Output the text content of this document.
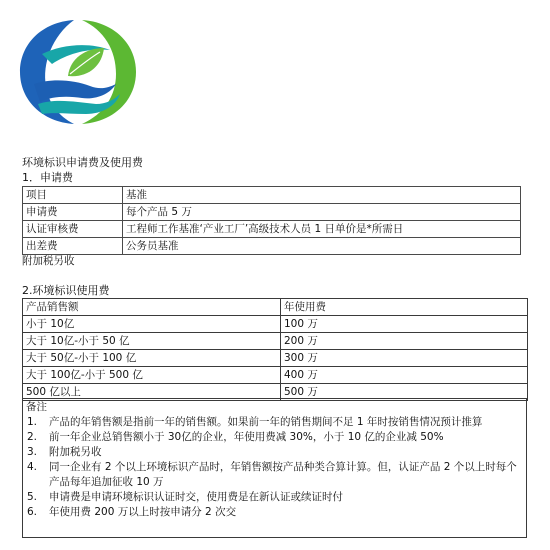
环境标识申请费及使用费
1．申请费
项目	基准
申请费	每个产品 5 万
认证审核费	工程师工作基准‘产业工厂’高级技术人员 1 日单价是*所需日
出差费	公务员基准
附加税另收
2.环境标识使用费
产品销售额	年使用费
小于 10亿	100 万
大于 10亿-小于 50 亿	200 万
大于 50亿-小于 100 亿	300 万
大于 100亿-小于 500 亿	400 万
500 亿以上	500 万
备注
1. 产品的年销售额是指前一年的销售额。如果前一年的销售期间不足 1 年时按销售情况预计推算
2. 前一年企业总销售额小于 30亿的企业，年使用费减 30%，小于 10 亿的企业减 50%
3. 附加税另收
4. 同一企业有 2 个以上环境标识产品时，年销售额按产品种类合算计算。但，认证产品 2 个以上时每个产品每年追加征收 10 万
5. 申请费是申请环境标识认证时交，使用费是在新认证或续证时付
6. 年使用费 200 万以上时按申请分 2 次交
